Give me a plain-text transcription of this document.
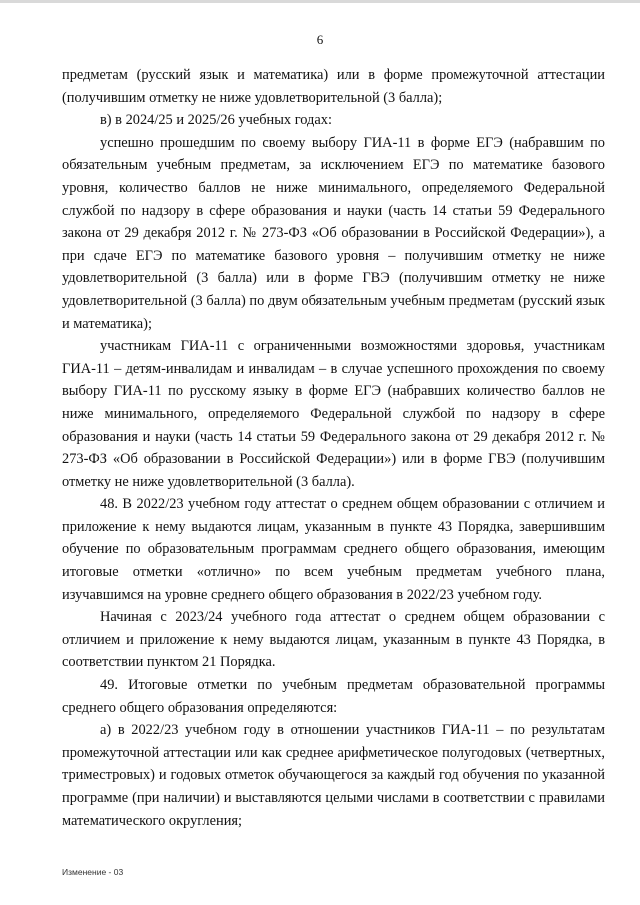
6

предметам (русский язык и математика) или в форме промежуточной аттестации (получившим отметку не ниже удовлетворительной (3 балла);

в) в 2024/25 и 2025/26 учебных годах:

успешно прошедшим по своему выбору ГИА-11 в форме ЕГЭ (набравшим по обязательным учебным предметам, за исключением ЕГЭ по математике базового уровня, количество баллов не ниже минимального, определяемого Федеральной службой по надзору в сфере образования и науки (часть 14 статьи 59 Федерального закона от 29 декабря 2012 г. № 273-ФЗ «Об образовании в Российской Федерации»), а при сдаче ЕГЭ по математике базового уровня – получившим отметку не ниже удовлетворительной (3 балла) или в форме ГВЭ (получившим отметку не ниже удовлетворительной (3 балла) по двум обязательным учебным предметам (русский язык и математика);

участникам ГИА-11 с ограниченными возможностями здоровья, участникам ГИА-11 – детям-инвалидам и инвалидам – в случае успешного прохождения по своему выбору ГИА-11 по русскому языку в форме ЕГЭ (набравших количество баллов не ниже минимального, определяемого Федеральной службой по надзору в сфере образования и науки (часть 14 статьи 59 Федерального закона от 29 декабря 2012 г. № 273-ФЗ «Об образовании в Российской Федерации») или в форме ГВЭ (получившим отметку не ниже удовлетворительной (3 балла).

48. В 2022/23 учебном году аттестат о среднем общем образовании с отличием и приложение к нему выдаются лицам, указанным в пункте 43 Порядка, завершившим обучение по образовательным программам среднего общего образования, имеющим итоговые отметки «отлично» по всем учебным предметам учебного плана, изучавшимся на уровне среднего общего образования в 2022/23 учебном году.

Начиная с 2023/24 учебного года аттестат о среднем общем образовании с отличием и приложение к нему выдаются лицам, указанным в пункте 43 Порядка, в соответствии пунктом 21 Порядка.

49. Итоговые отметки по учебным предметам образовательной программы среднего общего образования определяются:

а) в 2022/23 учебном году в отношении участников ГИА-11 – по результатам промежуточной аттестации или как среднее арифметическое полугодовых (четвертных, триместровых) и годовых отметок обучающегося за каждый год обучения по указанной программе (при наличии) и выставляются целыми числами в соответствии с правилами математического округления;

Изменение - 03
